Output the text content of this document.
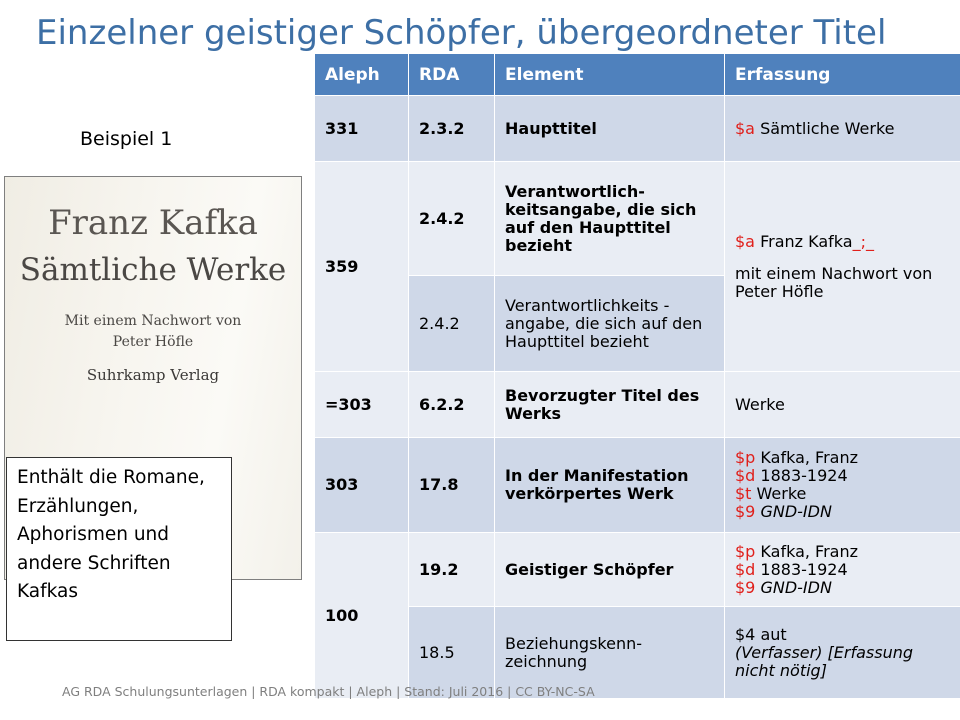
Einzelner geistiger Schöpfer, übergeordneter Titel
Beispiel 1
Franz Kafka
Sämtliche Werke
Mit einem Nachwort von
Peter Höfle
Suhrkamp Verlag
Enthält die Romane, Erzählungen, Aphorismen und andere Schriften Kafkas
Aleph	RDA	Element	Erfassung
331	2.3.2	Haupttitel	$a Sämtliche Werke
359	2.4.2	Verantwortlich-keitsangabe, die sich auf den Haupttitel bezieht	$a Franz Kafka_;_
mit einem Nachwort von Peter Höfle

	2.4.2	Verantwortlichkeits -angabe, die sich auf den Haupttitel bezieht	
=303	6.2.2	Bevorzugter Titel des Werks	Werke
303	17.8	In der Manifestation verkörpertes Werk	$p Kafka, Franz
$d 1883-1924
$t Werke
$9 GND-IDN

100	19.2	Geistiger Schöpfer	$p Kafka, Franz
$d 1883-1924
$9 GND-IDN

	18.5	Beziehungskenn-zeichnung	$4 aut
(Verfasser) [Erfassung nicht nötig]
AG RDA Schulungsunterlagen | RDA kompakt | Aleph | Stand: Juli 2016 | CC BY-NC-SA
